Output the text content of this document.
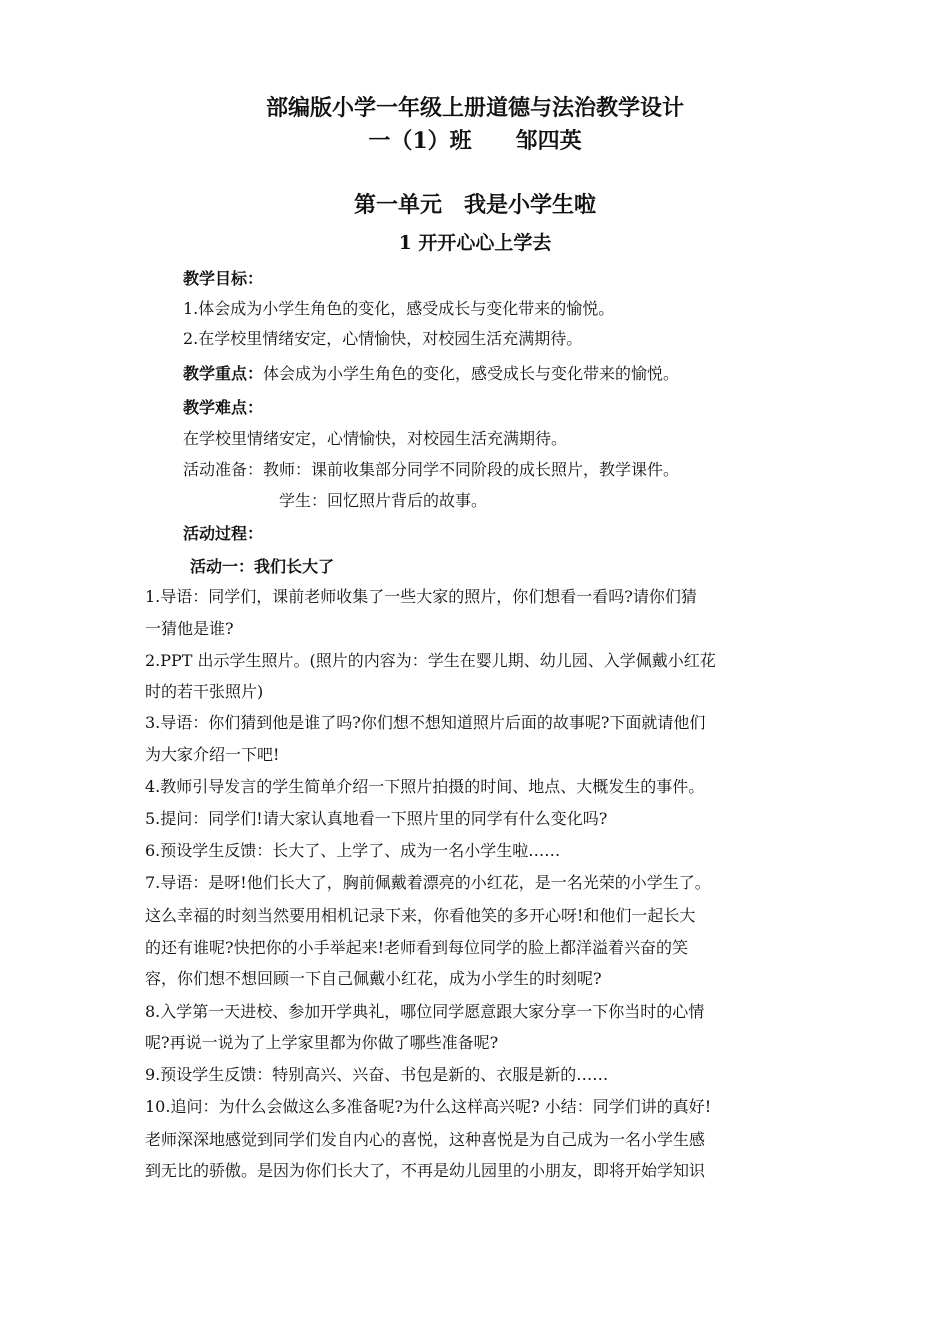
部编版小学一年级上册道德与法治教学设计
一（1）班　　邹四英
第一单元　我是小学生啦
1 开开心心上学去
教学目标：
1.体会成为小学生角色的变化，感受成长与变化带来的愉悦。
2.在学校里情绪安定，心情愉快，对校园生活充满期待。
教学重点：体会成为小学生角色的变化，感受成长与变化带来的愉悦。
教学难点：
在学校里情绪安定，心情愉快，对校园生活充满期待。
活动准备：教师：课前收集部分同学不同阶段的成长照片，教学课件。
学生：回忆照片背后的故事。
活动过程：
活动一：我们长大了
1.导语：同学们，课前老师收集了一些大家的照片，你们想看一看吗?请你们猜
一猜他是谁?
2.PPT 出示学生照片。(照片的内容为：学生在婴儿期、幼儿园、入学佩戴小红花
时的若干张照片)
3.导语：你们猜到他是谁了吗?你们想不想知道照片后面的故事呢?下面就请他们
为大家介绍一下吧!
4.教师引导发言的学生简单介绍一下照片拍摄的时间、地点、大概发生的事件。
5.提问：同学们!请大家认真地看一下照片里的同学有什么变化吗?
6.预设学生反馈：长大了、上学了、成为一名小学生啦……
7.导语：是呀!他们长大了，胸前佩戴着漂亮的小红花，是一名光荣的小学生了。
这么幸福的时刻当然要用相机记录下来，你看他笑的多开心呀!和他们一起长大
的还有谁呢?快把你的小手举起来!老师看到每位同学的脸上都洋溢着兴奋的笑
容，你们想不想回顾一下自己佩戴小红花，成为小学生的时刻呢?
8.入学第一天进校、参加开学典礼，哪位同学愿意跟大家分享一下你当时的心情
呢?再说一说为了上学家里都为你做了哪些准备呢?
9.预设学生反馈：特别高兴、兴奋、书包是新的、衣服是新的……
10.追问：为什么会做这么多准备呢?为什么这样高兴呢? 小结：同学们讲的真好!
老师深深地感觉到同学们发自内心的喜悦，这种喜悦是为自己成为一名小学生感
到无比的骄傲。是因为你们长大了，不再是幼儿园里的小朋友，即将开始学知识
